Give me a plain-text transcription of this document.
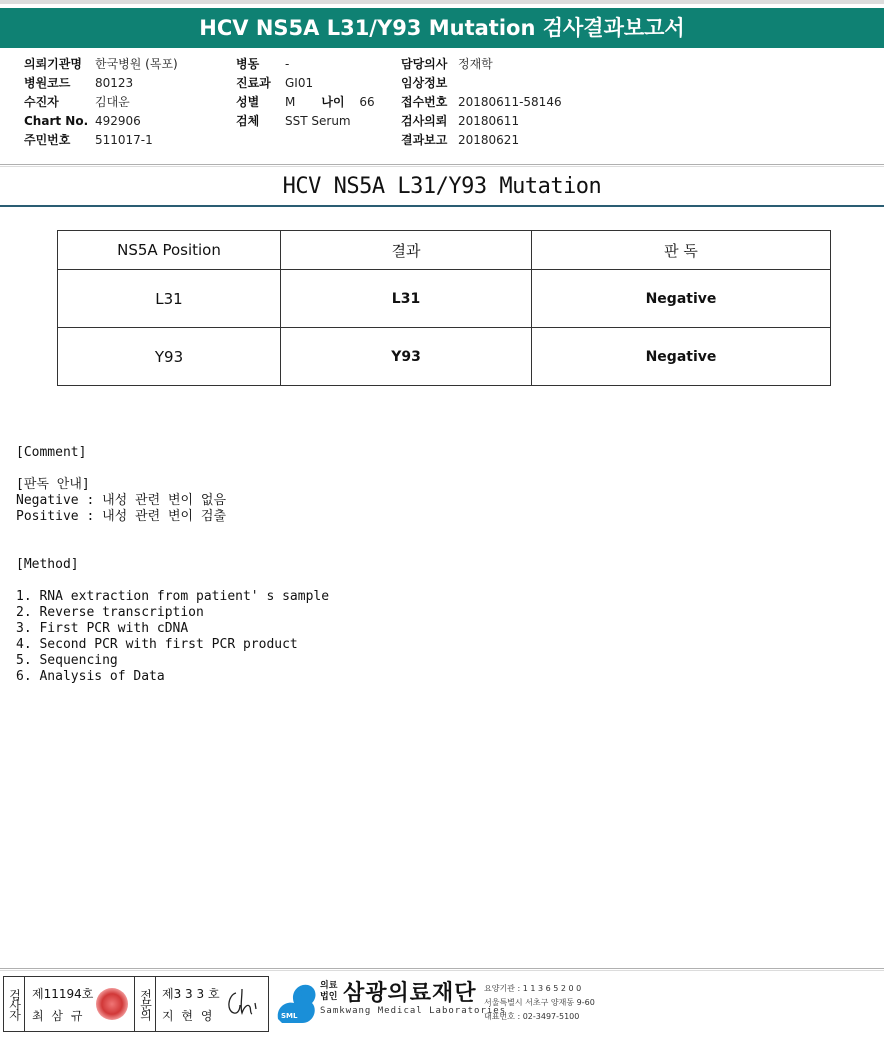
HCV NS5A L31/Y93 Mutation 검사결과보고서
의뢰기관명 한국병원 (목포)
병원코드 80123
수진자	김대운
Chart No. 492906
주민번호 511017-1
병동 -
진료과 GI01
성별 M 나이 66
검체 SST Serum
담당의사 정재학
임상정보
접수번호 20180611-58146
검사의뢰 20180611
결과보고 20180621
HCV NS5A L31/Y93 Mutation
NS5A Position	결과	판 독
L31	L31	Negative
Y93	Y93	Negative
[Comment]
[판독 안내]
Negative : 내성 관련 변이 없음
Positive : 내성 관련 변이 검출
[Method]
1. RNA extraction from patient' s sample
2. Reverse transcription
3. First PCR with cDNA
4. Second PCR with first PCR product
5. Sequencing
6. Analysis of Data
검사자 제11194호
최 삼 규	전문의 제3 3 3 호
지 현 영	SML
의료
법인 삼광의료재단
Samkwang Medical Laboratories
요양기관 : 1 1 3 6 5 2 0 0
서울특별시 서초구 양재동 9-60
대표번호 : 02-3497-5100
